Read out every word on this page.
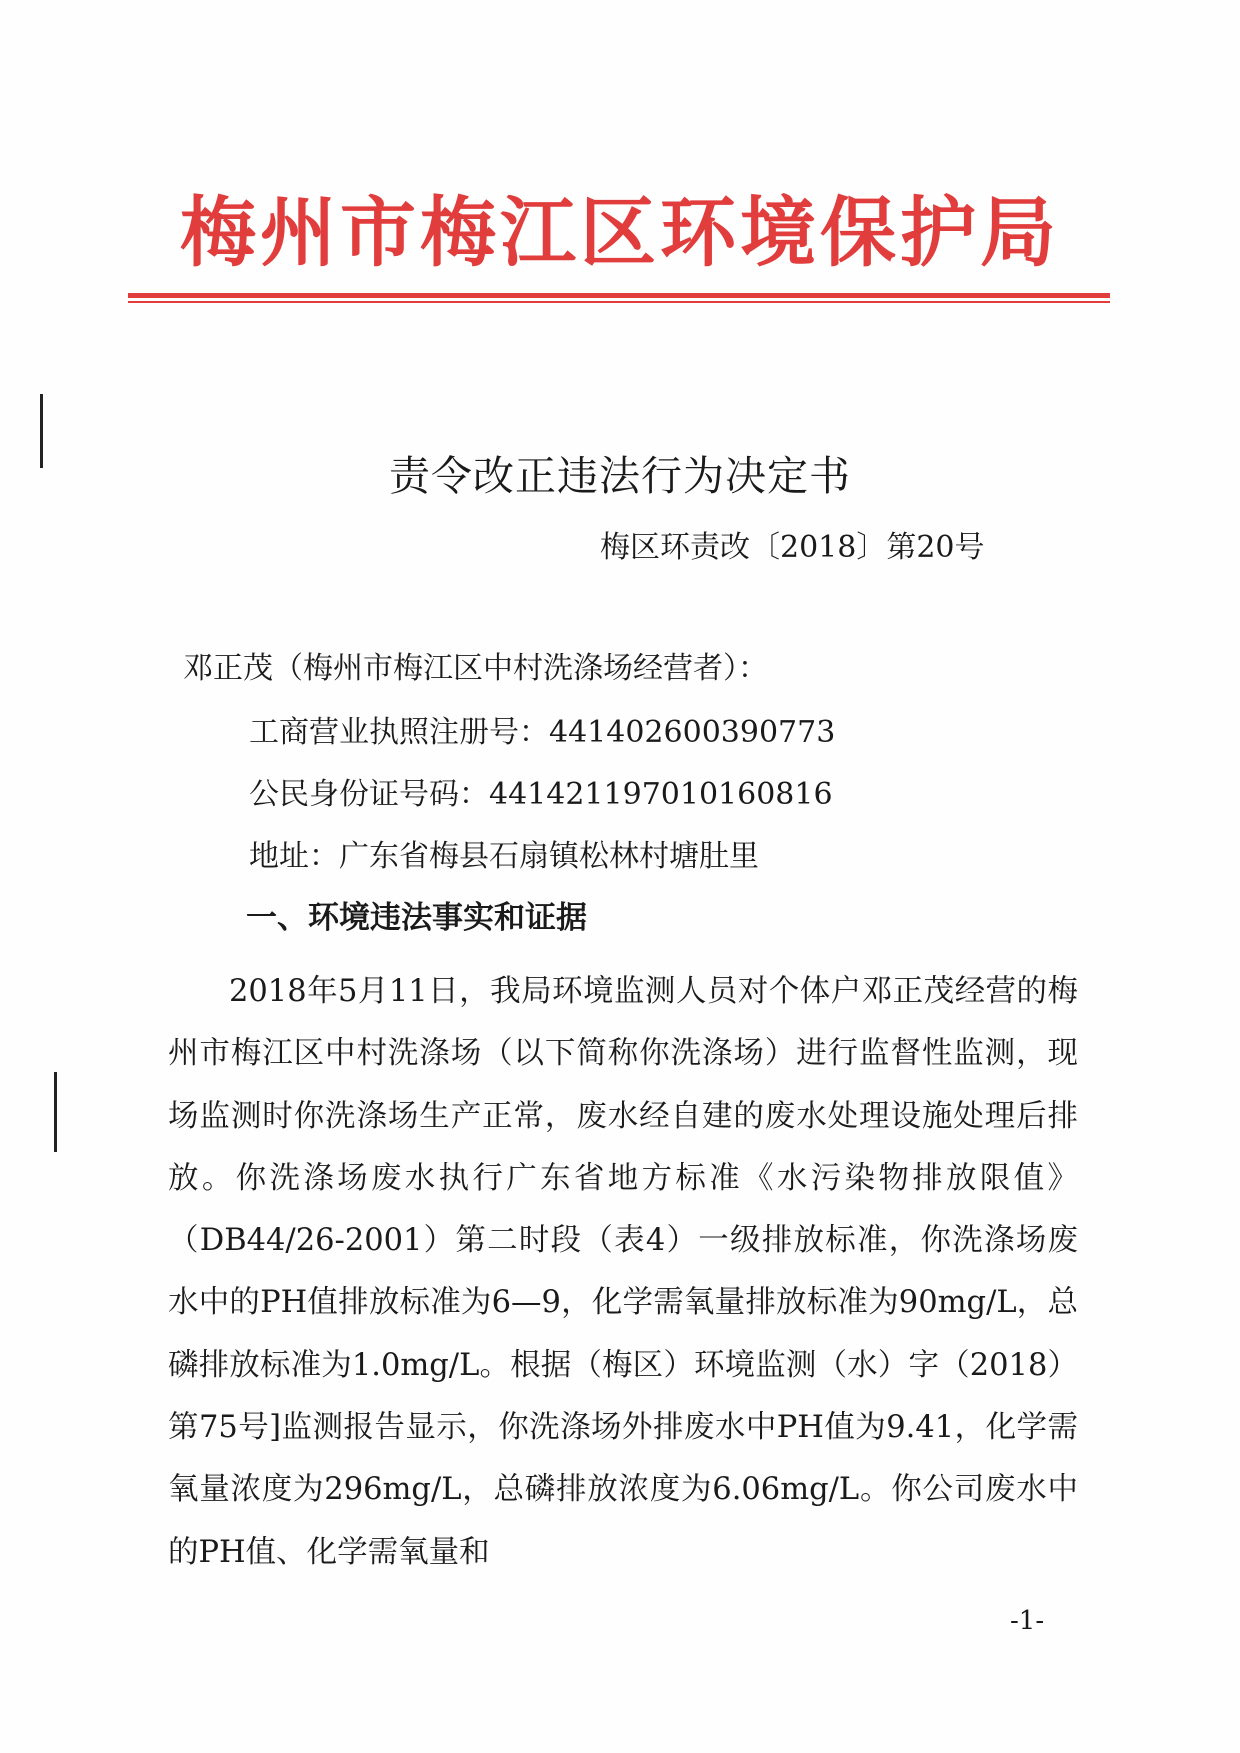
梅州市梅江区环境保护局
责令改正违法行为决定书
梅区环责改〔2018〕第20号
邓正茂（梅州市梅江区中村洗涤场经营者）：
工商营业执照注册号：441402600390773
公民身份证号码：441421197010160816
地址：广东省梅县石扇镇松林村塘肚里
一、环境违法事实和证据
2018年5月11日，我局环境监测人员对个体户邓正茂经营的梅州市梅江区中村洗涤场（以下简称你洗涤场）进行监督性监测，现场监测时你洗涤场生产正常，废水经自建的废水处理设施处理后排放。你洗涤场废水执行广东省地方标准《水污染物排放限值》（DB44/26-2001）第二时段（表4）一级排放标准，你洗涤场废水中的PH值排放标准为6—9，化学需氧量排放标准为90mg/L，总磷排放标准为1.0mg/L。根据（梅区）环境监测（水）字（2018）第75号]监测报告显示，你洗涤场外排废水中PH值为9.41，化学需氧量浓度为296mg/L，总磷排放浓度为6.06mg/L。你公司废水中的PH值、化学需氧量和
-1-
